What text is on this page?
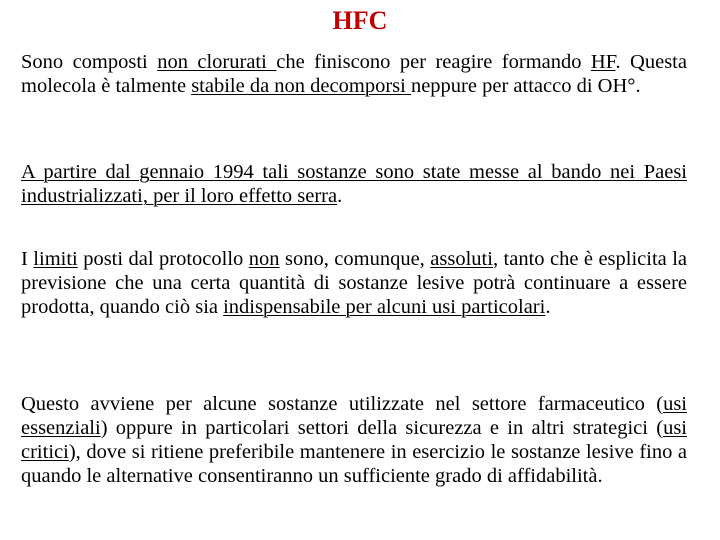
HFC
Sono composti non clorurati che finiscono per reagire formando HF. Questa molecola è talmente stabile da non decomporsi neppure per attacco di OH°.
A partire dal gennaio 1994 tali sostanze sono state messe al bando nei Paesi industrializzati, per il loro effetto serra.
I limiti posti dal protocollo non sono, comunque, assoluti, tanto che è esplicita la previsione che una certa quantità di sostanze lesive potrà continuare a essere prodotta, quando ciò sia indispensabile per alcuni usi particolari.
Questo avviene per alcune sostanze utilizzate nel settore farmaceutico (usi essenziali) oppure in particolari settori della sicurezza e in altri strategici (usi critici), dove si ritiene preferibile mantenere in esercizio le sostanze lesive fino a quando le alternative consentiranno un sufficiente grado di affidabilità.
